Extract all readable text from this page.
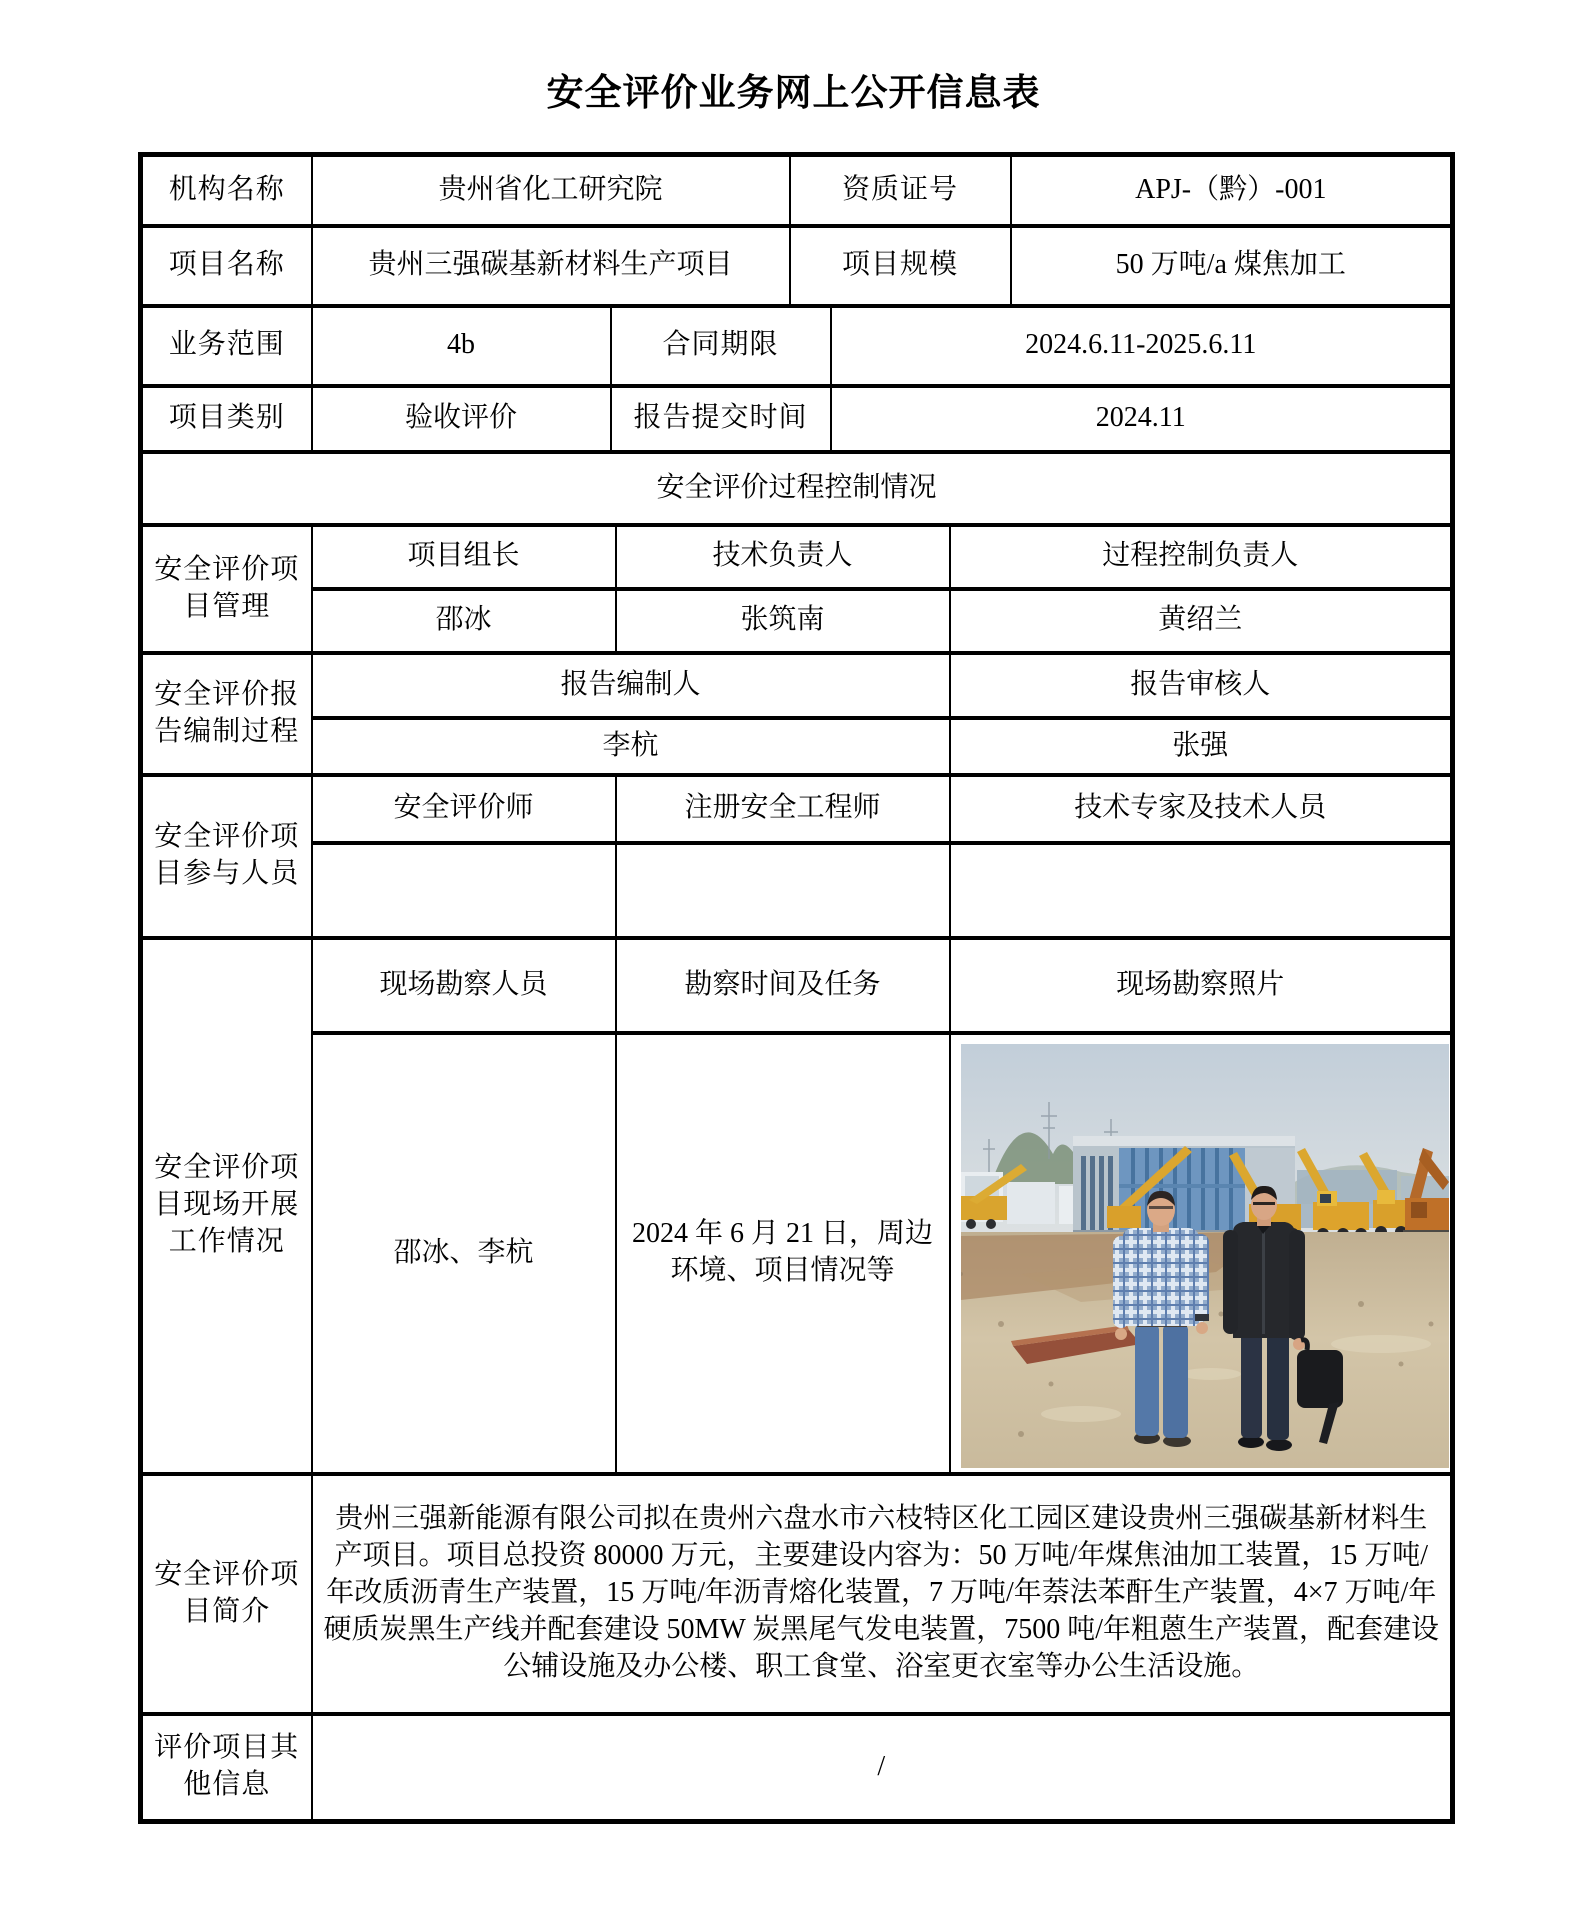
安全评价业务网上公开信息表
机构名称	贵州省化工研究院			资质证号			APJ-（黔）-001
项目名称	贵州三强碳基新材料生产项目			项目规模			50 万吨/a 煤焦加工
业务范围	4b	合同期限			2024.6.11-2025.6.11		
项目类别	验收评价	报告提交时间			2024.11		
安全评价过程控制情况							
安全评价项目管理	项目组长		技术负责人			过程控制负责人	
	邵冰		张筑南			黄绍兰	
安全评价报告编制过程	报告编制人					报告审核人	
	李杭					张强	
安全评价项目参与人员	安全评价师		注册安全工程师			技术专家及技术人员	

安全评价项目现场开展工作情况	现场勘察人员		勘察时间及任务			现场勘察照片	
	邵冰、李杭		2024 年 6 月 21 日，周边环境、项目情况等	

安全评价项目简介	贵州三强新能源有限公司拟在贵州六盘水市六枝特区化工园区建设贵州三强碳基新材料生产项目。项目总投资 80000 万元，主要建设内容为：50 万吨/年煤焦油加工装置，15 万吨/年改质沥青生产装置，15 万吨/年沥青熔化装置，7 万吨/年萘法苯酐生产装置，4×7 万吨/年硬质炭黑生产线并配套建设 50MW 炭黑尾气发电装置，7500 吨/年粗蒽生产装置，配套建设公辅设施及办公楼、职工食堂、浴室更衣室等办公生活设施。						
评价项目其他信息	/						
